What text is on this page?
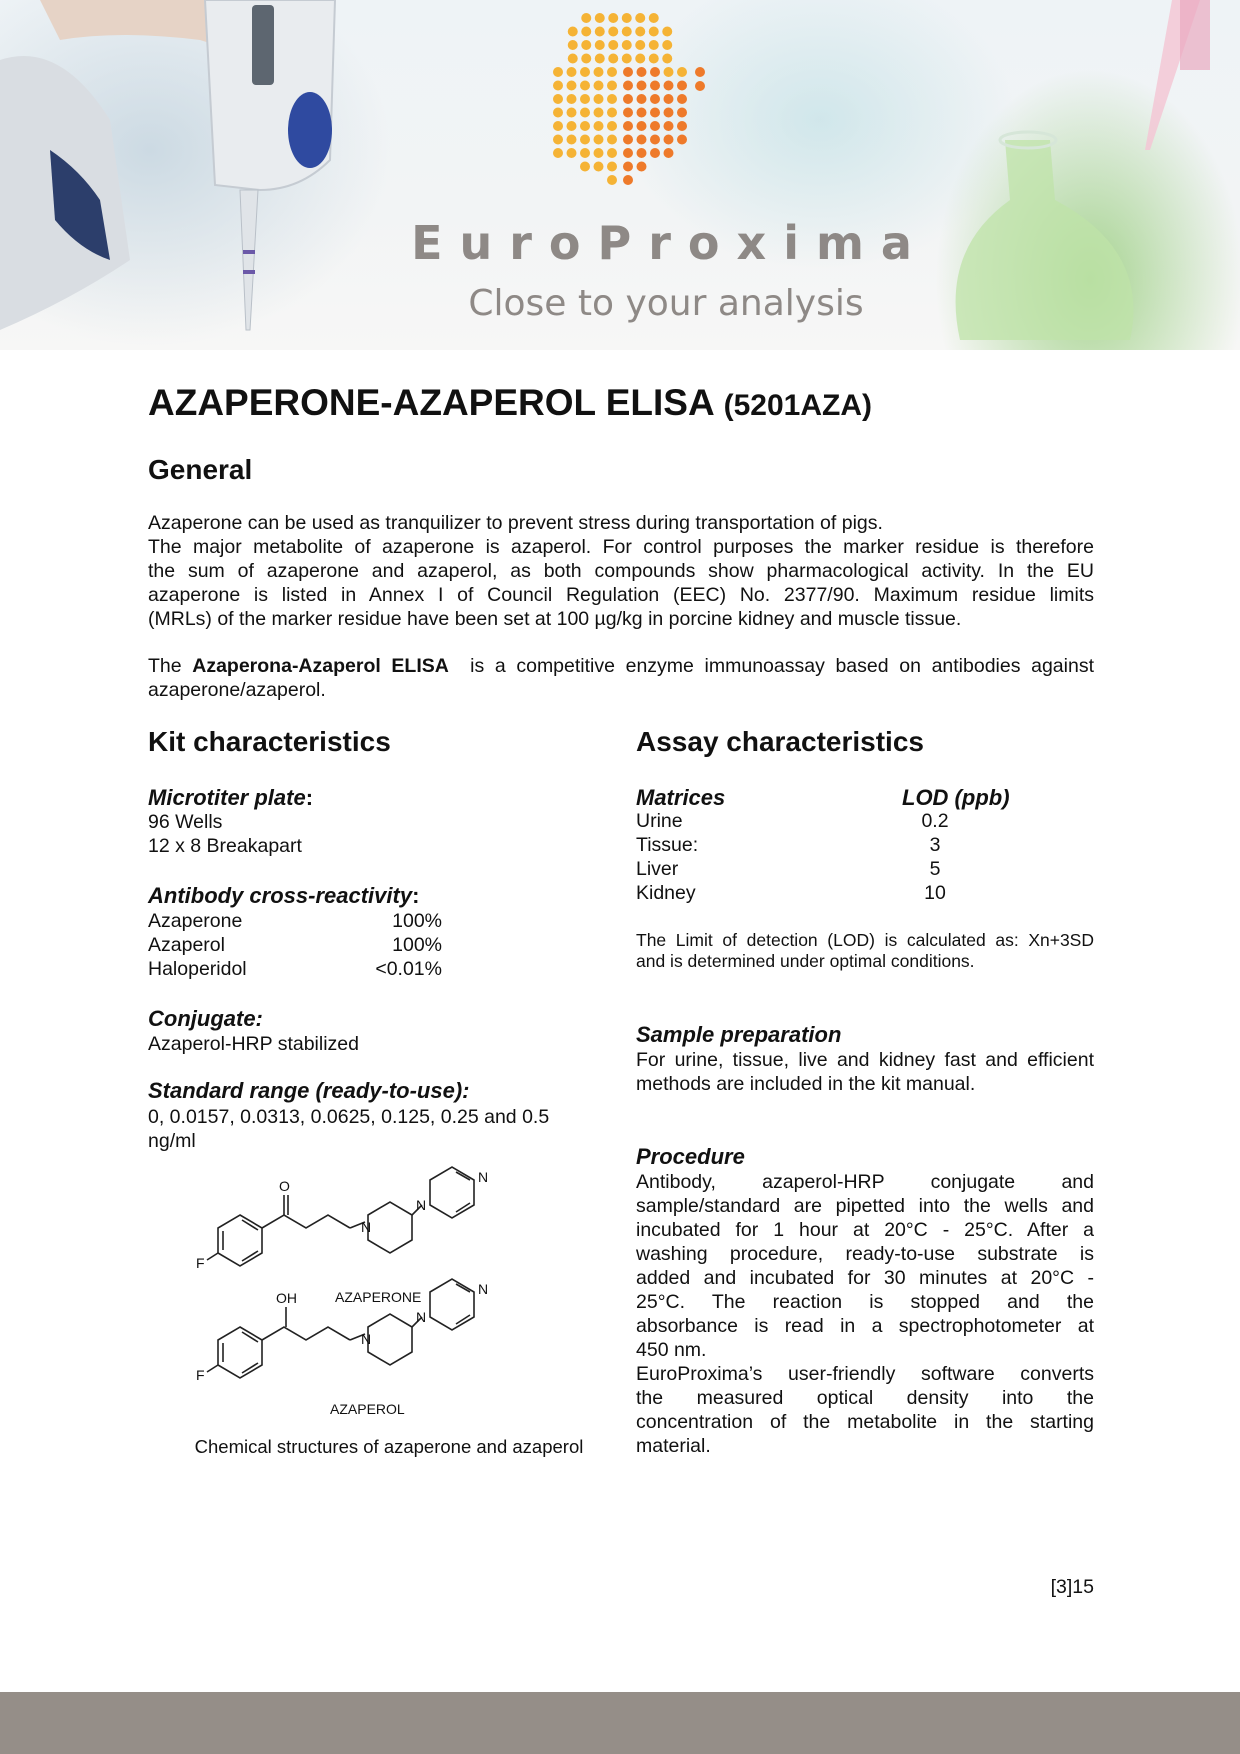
EuroProxima
Close to your analysis
AZAPERONE-AZAPEROL ELISA (5201AZA)
General
Azaperone can be used as tranquilizer to prevent stress during transportation of pigs.
The major metabolite of azaperone is azaperol. For control purposes the marker residue is therefore
the sum of azaperone and azaperol, as both compounds show pharmacological activity. In the EU
azaperone is listed in Annex I of Council Regulation (EEC) No. 2377/90. Maximum residue limits
(MRLs) of the marker residue have been set at 100 µg/kg in porcine kidney and muscle tissue.
The Azaperona-Azaperol ELISA  is a competitive enzyme immunoassay based on antibodies against
azaperone/azaperol.
Kit characteristics
Microtiter plate:
96 Wells
12 x 8 Breakapart
Antibody cross-reactivity:
Azaperone	100%
Azaperol	100%
Haloperidol	<0.01%
Conjugate:
Azaperol-HRP stabilized
Standard range (ready-to-use):
0, 0.0157, 0.0313, 0.0625, 0.125, 0.25 and 0.5
ng/ml
O
N
N
N
F
AZAPERONE
OH
N
N
N
F
AZAPEROL
Chemical structures of azaperone and azaperol
Assay characteristics
Matrices	LOD (ppb)
Urine	0.2
Tissue:	3
Liver	5
Kidney	10
The Limit of detection (LOD) is calculated as: Xn+3SD
and is determined under optimal conditions.
Sample preparation
For urine, tissue, live and kidney fast and efficient
methods are included in the kit manual.
Procedure
Antibody, azaperol-HRP conjugate and
sample/standard are pipetted into the wells and
incubated for 1 hour at 20°C - 25°C. After a
washing procedure, ready-to-use substrate is
added and incubated for 30 minutes at 20°C -
25°C. The reaction is stopped and the
absorbance is read in a spectrophotometer at
450 nm.
EuroProxima’s user-friendly software converts
the measured optical density into the
concentration of the metabolite in the starting
material.
[3]15
